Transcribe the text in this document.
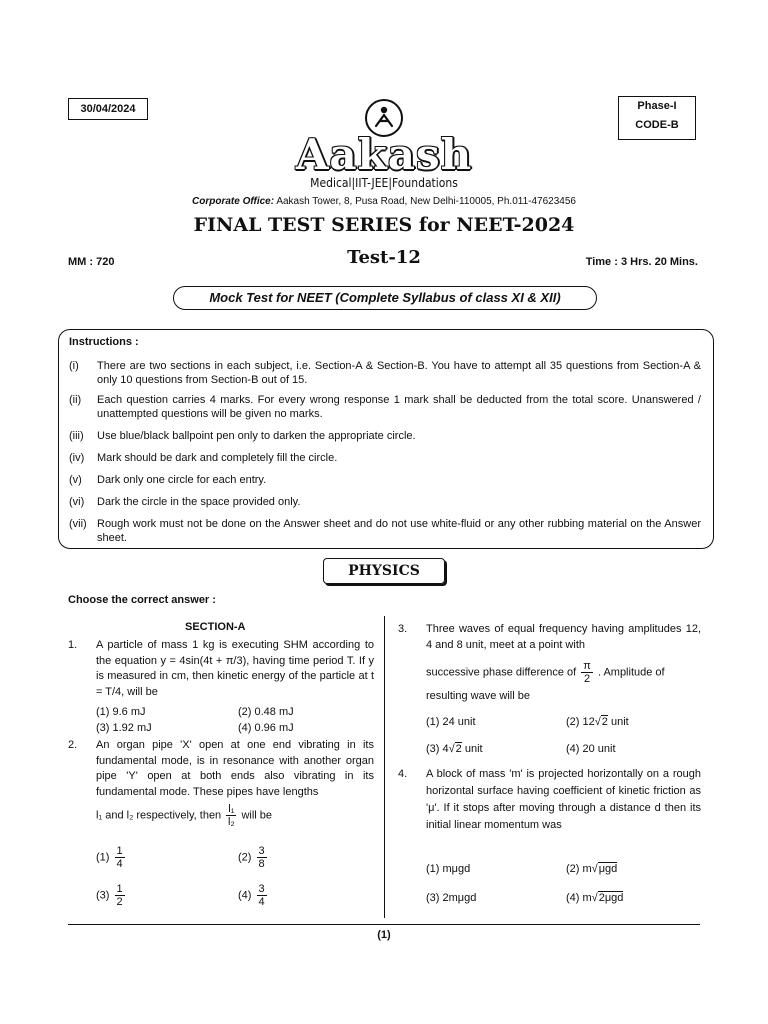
30/04/2024	Phase-I
CODE-B
Aakash
Medical|IIT-JEE|Foundations
Corporate Office: Aakash Tower, 8, Pusa Road, New Delhi-110005, Ph.011-47623456
FINAL TEST SERIES for NEET-2024
MM : 720	Test-12	Time : 3 Hrs. 20 Mins.
Mock Test for NEET (Complete Syllabus of class XI & XII)
Instructions :
(i) There are two sections in each subject, i.e. Section-A & Section-B. You have to attempt all 35 questions from Section-A & only 10 questions from Section-B out of 15.
(ii) Each question carries 4 marks. For every wrong response 1 mark shall be deducted from the total score. Unanswered / unattempted questions will be given no marks.
(iii) Use blue/black ballpoint pen only to darken the appropriate circle.
(iv) Mark should be dark and completely fill the circle.
(v) Dark only one circle for each entry.
(vi) Dark the circle in the space provided only.
(vii) Rough work must not be done on the Answer sheet and do not use white-fluid or any other rubbing material on the Answer sheet.
PHYSICS
Choose the correct answer :
SECTION-A
1. A particle of mass 1 kg is executing SHM according to the equation y = 4sin(4t + π/3), having time period T. If y is measured in cm, then kinetic energy of the particle at t = T/4, will be
(1) 9.6 mJ	(2) 0.48 mJ
(3) 1.92 mJ	(4) 0.96 mJ
2. An organ pipe 'X' open at one end vibrating in its fundamental mode, is in resonance with another organ pipe 'Y' open at both ends also vibrating in its fundamental mode. These pipes have lengths
l₁ and l₂ respectively, then $\frac{\text{l₁}}{\text{l₂}}$ will be
$(1) \frac{1}{4}$	$(2) \frac{3}{8}$
$(3) \frac{1}{2}$	$(4) \frac{3}{4}$
3. Three waves of equal frequency having amplitudes 12, 4 and 8 unit, meet at a point with
successive phase difference of $\frac{\pi}{2}$ . Amplitude of
resulting wave will be
(1) 24 unit	(2) 12√2 unit
(3) 4√2 unit	(4) 20 unit
4. A block of mass 'm' is projected horizontally on a rough horizontal surface having coefficient of kinetic friction as 'μ'. If it stops after moving through a distance d then its initial linear momentum was
(1) mμgd	(2) m√μgd
(3) 2mμgd	(4) m√2μgd
(1)
